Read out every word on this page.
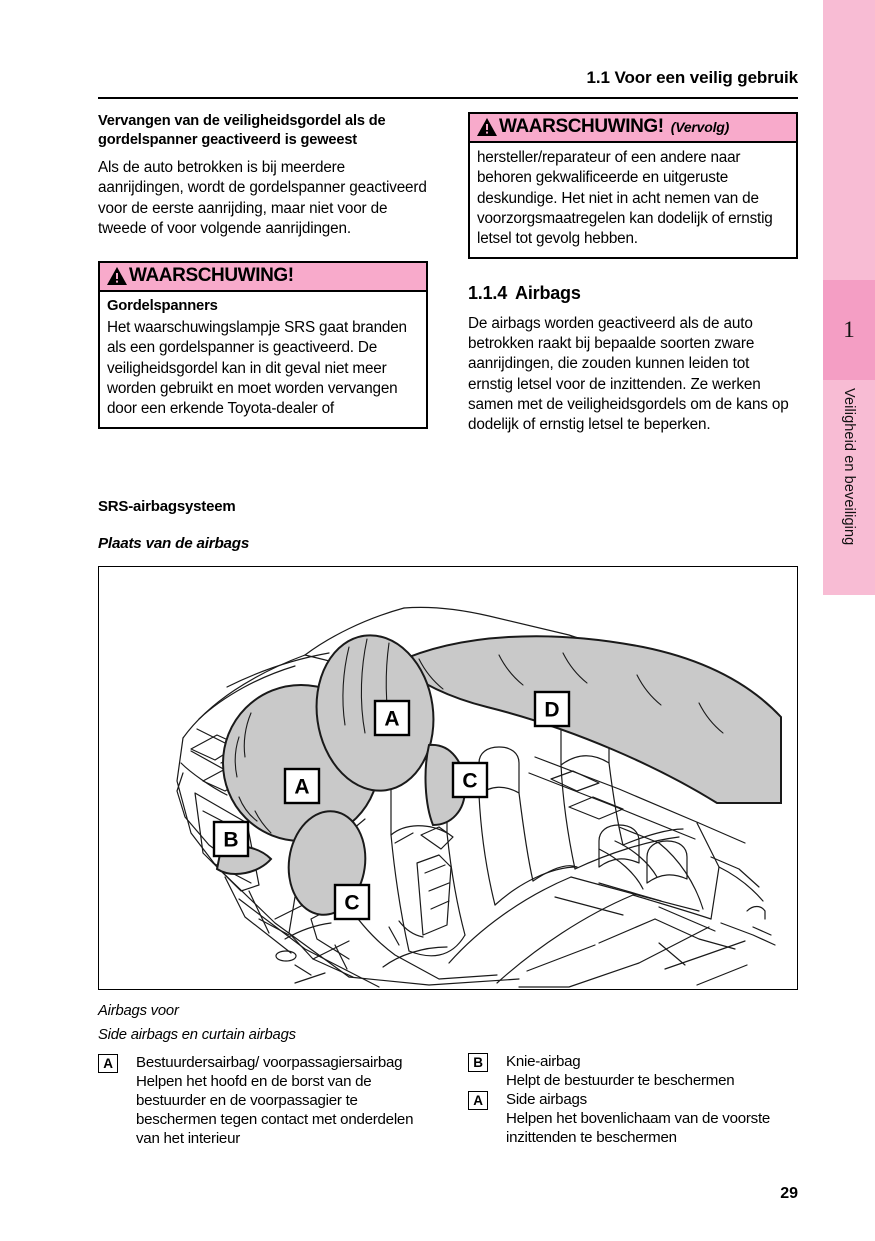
1
Veiligheid en beveiliging
1.1 Voor een veilig gebruik
Vervangen van de veiligheidsgordel als de gordelspanner geactiveerd is geweest

Als de auto betrokken is bij meerdere aanrijdingen, wordt de gordelspanner geactiveerd voor de eerste aanrijding, maar niet voor de tweede of voor volgende aanrijdingen.

WAARSCHUWING!
Gordelspanners
Het waarschuwingslampje SRS gaat branden als een gordelspanner is geactiveerd. De veiligheidsgordel kan in dit geval niet meer worden gebruikt en moet worden vervangen door een erkende Toyota-dealer of
WAARSCHUWING! (Vervolg)
hersteller/reparateur of een andere naar behoren gekwalificeerde en uitgeruste deskundige. Het niet in acht nemen van de voorzorgsmaatregelen kan dodelijk of ernstig letsel tot gevolg hebben.
1.1.4 Airbags

De airbags worden geactiveerd als de auto betrokken raakt bij bepaalde soorten zware aanrijdingen, die zouden kunnen leiden tot ernstig letsel voor de inzittenden. Ze werken samen met de veiligheidsgordels om de kans op dodelijk of ernstig letsel te beperken.

SRS-airbagsysteem
Plaats van de airbags
A
A
B
C
C
D
Airbags voor
Side airbags en curtain airbags
A	Bestuurdersairbag/ voorpassagiersairbag
Helpen het hoofd en de borst van de bestuurder en de voorpassagier te beschermen tegen contact met onderdelen van het interieur
B	Knie-airbag
Helpt de bestuurder te beschermen
A	Side airbags
Helpen het bovenlichaam van de voorste inzittenden te beschermen
29
